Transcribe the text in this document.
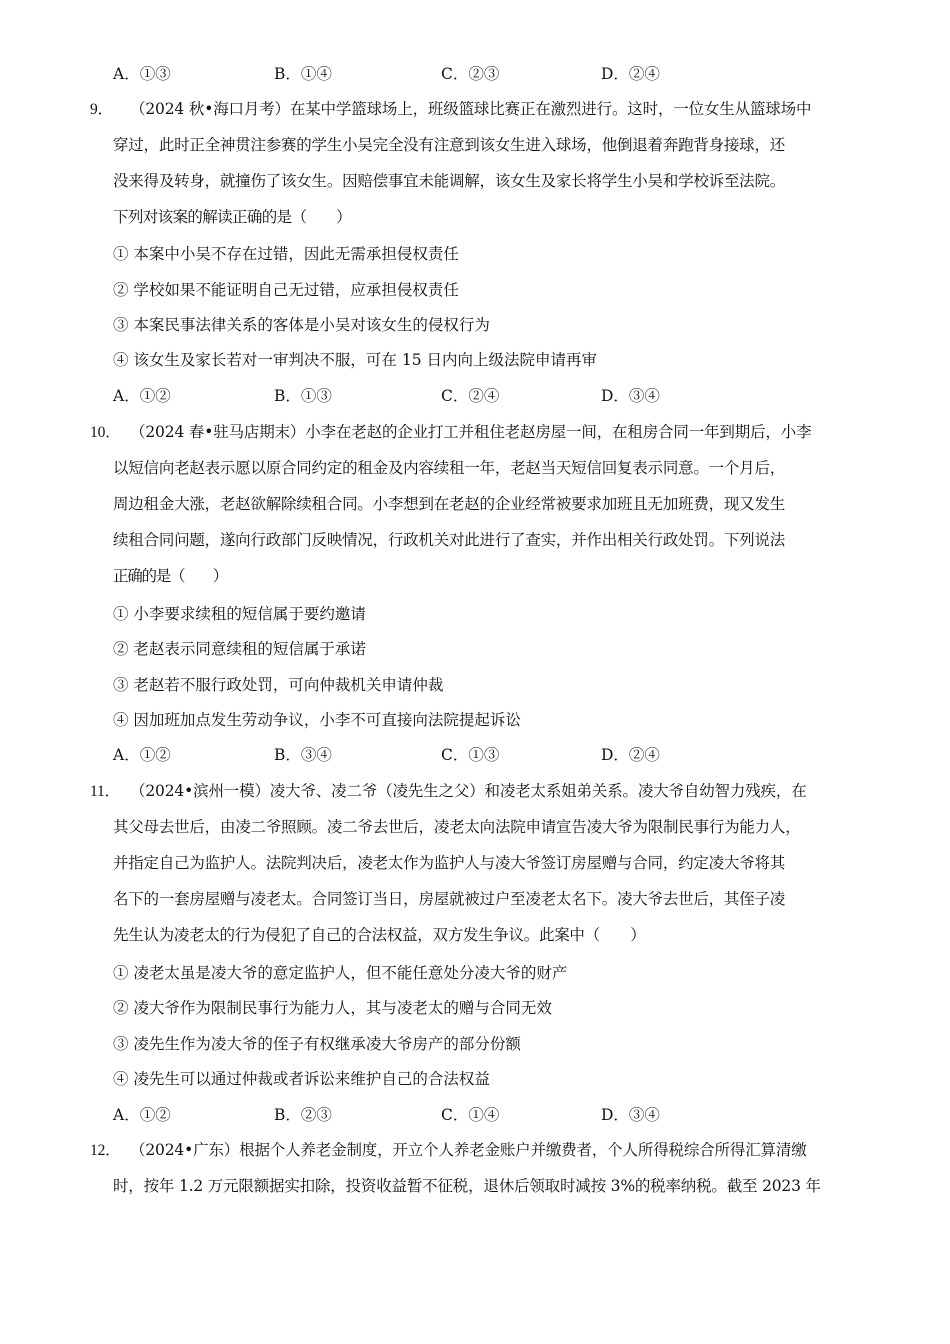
A．①③	B．①④	C．②③	D．②④
9． （2024 秋•海口月考）在某中学篮球场上，班级篮球比赛正在激烈进行。这时，一位女生从篮球场中
穿过，此时正全神贯注参赛的学生小吴完全没有注意到该女生进入球场，他倒退着奔跑背身接球，还
没来得及转身，就撞伤了该女生。因赔偿事宜未能调解，该女生及家长将学生小吴和学校诉至法院。
下列对该案的解读正确的是（　　）
① 本案中小吴不存在过错，因此无需承担侵权责任
② 学校如果不能证明自己无过错，应承担侵权责任
③ 本案民事法律关系的客体是小吴对该女生的侵权行为
④ 该女生及家长若对一审判决不服，可在 15 日内向上级法院申请再审
A．①②	B．①③	C．②④	D．③④
10． （2024 春•驻马店期末）小李在老赵的企业打工并租住老赵房屋一间，在租房合同一年到期后，小李
以短信向老赵表示愿以原合同约定的租金及内容续租一年，老赵当天短信回复表示同意。一个月后，
周边租金大涨，老赵欲解除续租合同。小李想到在老赵的企业经常被要求加班且无加班费，现又发生
续租合同问题，遂向行政部门反映情况，行政机关对此进行了查实，并作出相关行政处罚。下列说法
正确的是（　　）
① 小李要求续租的短信属于要约邀请
② 老赵表示同意续租的短信属于承诺
③ 老赵若不服行政处罚，可向仲裁机关申请仲裁
④ 因加班加点发生劳动争议，小李不可直接向法院提起诉讼
A．①②	B．③④	C．①③	D．②④
11． （2024•滨州一模）凌大爷、凌二爷（凌先生之父）和凌老太系姐弟关系。凌大爷自幼智力残疾，在
其父母去世后，由凌二爷照顾。凌二爷去世后，凌老太向法院申请宣告凌大爷为限制民事行为能力人，
并指定自己为监护人。法院判决后，凌老太作为监护人与凌大爷签订房屋赠与合同，约定凌大爷将其
名下的一套房屋赠与凌老太。合同签订当日，房屋就被过户至凌老太名下。凌大爷去世后，其侄子凌
先生认为凌老太的行为侵犯了自己的合法权益，双方发生争议。此案中（　　）
① 凌老太虽是凌大爷的意定监护人，但不能任意处分凌大爷的财产
② 凌大爷作为限制民事行为能力人，其与凌老太的赠与合同无效
③ 凌先生作为凌大爷的侄子有权继承凌大爷房产的部分份额
④ 凌先生可以通过仲裁或者诉讼来维护自己的合法权益
A．①②	B．②③	C．①④	D．③④
12． （2024•广东）根据个人养老金制度，开立个人养老金账户并缴费者，个人所得税综合所得汇算清缴
时，按年 1.2 万元限额据实扣除，投资收益暂不征税，退休后领取时减按 3%的税率纳税。截至 2023 年
